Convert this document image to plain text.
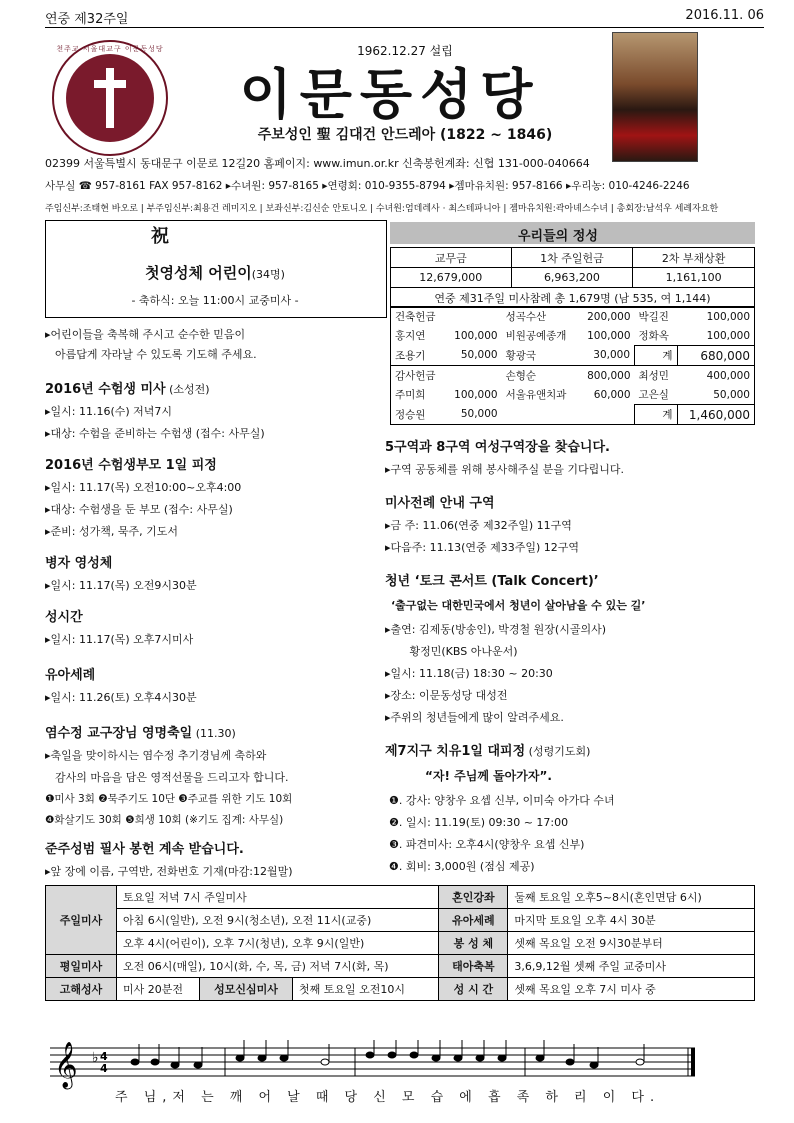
연중 제32주일	2016.11. 06
천주교 서울대교구 이문동성당	1962.12.27 설립
이문동성당
주보성인 聖 김대건 안드레아 (1822 ~ 1846)
02399 서울특별시 동대문구 이문로 12길20 홈페이지: www.imun.or.kr 신축봉헌계좌: 신협 131-000-040664
사무실 ☎ 957-8161 FAX 957-8162 ▸수녀원: 957-8165 ▸연령회: 010-9355-8794 ▸젬마유치원: 957-8166 ▸우리농: 010-4246-2246
주임신부:조태현 바오로 | 부주임신부:최용건 레미지오 | 보좌신부:김신순 안토니오 | 수녀원:엄데레사 · 최스테파니아 | 젬마유치원:곽아녜스수녀 | 총회장:남석우 세례자요한
祝
첫영성체 어린이(34명)
- 축하식: 오늘 11:00시 교중미사 -
▸어린이들을 축복해 주시고 순수한 믿음이
아름답게 자라날 수 있도록 기도해 주세요.
2016년 수험생 미사 (소성전)
▸일시: 11.16(수) 저녁7시
▸대상: 수험을 준비하는 수험생 (접수: 사무실)
2016년 수험생부모 1일 피정
▸일시: 11.17(목) 오전10:00~오후4:00
▸대상: 수험생을 둔 부모 (접수: 사무실)
▸준비: 성가책, 묵주, 기도서
병자 영성체
▸일시: 11.17(목) 오전9시30분
성시간
▸일시: 11.17(목) 오후7시미사
유아세례
▸일시: 11.26(토) 오후4시30분
염수정 교구장님 영명축일 (11.30)
▸축일을 맞이하시는 염수정 추기경님께 축하와
감사의 마음을 담은 영적선물을 드리고자 합니다.
❶미사 3회 ❷묵주기도 10단 ❸주교를 위한 기도 10회
❹화살기도 30회 ❺희생 10회 (※기도 집계: 사무실)
준주성범 필사 봉헌 계속 받습니다.
▸앞 장에 이름, 구역반, 전화번호 기재(마감:12월말)
우리들의 정성
교무금	1차 주일헌금	2차 부채상환
12,679,000	6,963,200	1,161,100
연중 제31주일 미사참례 총 1,679명 (남 535, 여 1,144)		
건축헌금		성곡수산	200,000	박길진	100,000
홍지연	100,000	비원공예종개	100,000	정화옥	100,000
조용기	50,000	황광국	30,000	계	680,000
감사헌금		손형순	800,000	최성민	400,000
주미희	100,000	서울유앤치과	60,000	고은실	50,000
정승원	50,000			계	1,460,000
5구역과 8구역 여성구역장을 찾습니다.
▸구역 공동체를 위해 봉사해주실 분을 기다립니다.
미사전례 안내 구역
▸금 주: 11.06(연중 제32주일) 11구역
▸다음주: 11.13(연중 제33주일) 12구역
청년 ‘토크 콘서트 (Talk Concert)’
‘출구없는 대한민국에서 청년이 살아남을 수 있는 길’
▸출연: 김제동(방송인), 박경철 원장(시골의사)
황정민(KBS 아나운서)
▸일시: 11.18(금) 18:30 ~ 20:30
▸장소: 이문동성당 대성전
▸주위의 청년들에게 많이 알려주세요.
제7지구 치유1일 대피정 (성령기도회)
“자! 주님께 돌아가자”.
❶. 강사: 양창우 요셉 신부, 이미숙 아가다 수녀
❷. 일시: 11.19(토) 09:30 ~ 17:00
❸. 파견미사: 오후4시(양창우 요셉 신부)
❹. 회비: 3,000원 (점심 제공)
주일미사	토요일 저녁 7시 주일미사			혼인강좌	둘째 토요일 오후5~8시(혼인면담 6시)
	아침 6시(일반), 오전 9시(청소년), 오전 11시(교중)			유아세례	마지막 토요일 오후 4시 30분
	오후 4시(어린이), 오후 7시(청년), 오후 9시(일반)			봉 성 체	셋째 목요일 오전 9시30분부터
평일미사	오전 06시(매일), 10시(화, 수, 목, 금) 저녁 7시(화, 목)			태아축복	3,6,9,12월 셋째 주일 교중미사
고해성사	미사 20분전	성모신심미사	첫째 토요일 오전10시	성 시 간	셋째 목요일 오후 7시 미사 중
𝄞 ♭ 4
4
주 님,저 는 깨 어 날 때 당 신 모 습 에 흡 족 하 리 이 다.
